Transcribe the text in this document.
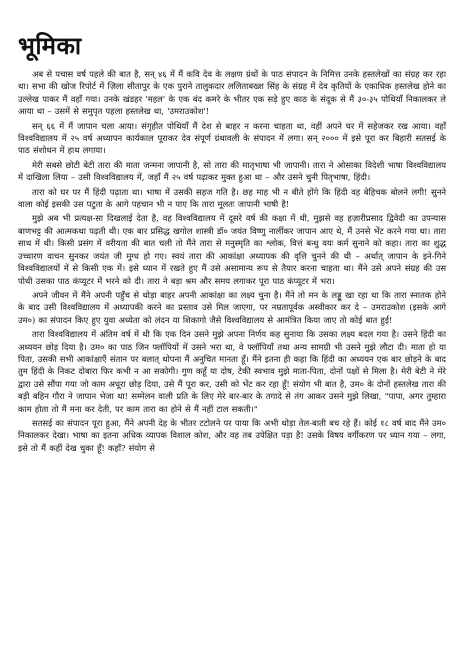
भूमिका

अब से पचास वर्ष पहले की बात है, सन् ४६ में मैं कवि देव के लक्षण ग्रंथों के पाठ संपादन के निमित्त उनके हस्तलेखों का संग्रह कर रहा था। सभा की खोज रिपोर्ट में ज़िला सीतापुर के एक पुराने तालुकदार ललिताबख्श सिंह के संग्रह में देव कृतियों के एकाधिक हस्तलेख होने का उल्लेख पाकर मैं वहाँ गया। उनके खंडहर 'महल' के एक बंद कमरे के भीतर एक सड़े हुए काठ के संदूक से मैं ३०-३५ पोथियाँ निकालकर ले आया था – उसमें से समुपृत पहला हस्तलेख था, 'उमराउकोश'!

सन् ६६ में मैं जापान चला आया। संगृहीत पोथियाँ मैं देश से बाहर न करना चाहता था, वहीं अपने घर में सहेजकर रख आया। वहाँ विश्वविद्यालय में २५ वर्ष अध्यापन कार्यकाल पूराकर देव संपूर्ण ग्रंथावली के संपादन में लगा। सन् २००० में इसे पूरा कर बिहारी सतसई के पाठ संशोधन में हाथ लगाया।

मेरी सबसे छोटी बेटी तारा की माता जन्मना जापानी है, सो तारा की मातृभाषा भी जापानी। तारा ने ओसाका विदेशी भाषा विश्वविद्यालय में दाखिला लिया – उसी विश्वविद्यालय में, जहाँ मैं २५ वर्ष पढ़ाकर मुक्त हुआ था – और उसने चुनी पितृभाषा, हिंदी।

तारा को घर पर मैं हिंदी पढ़ाता था। भाषा में उसकी सहज गति है। छह माह भी न बीते होंगे कि हिंदी वह बेहिचक बोलने लगी! सुनने वाला कोई इसकी उस पटुता के आगे पहचान भी न पाए कि तारा मूलतः जापानी भाषी है!

मुझे अब भी प्रत्यक्ष-सा दिखलाई देता है, वह विश्वविद्यालय में दूसरे वर्ष की कक्षा में थी, मुझसे वह हज़ारीप्रसाद द्विवेदी का उपन्यास बाणभट्ट की आत्मकथा पढ़ती थी। एक बार प्रसिद्ध खगोल शास्त्री डॉ० जयंत विष्णु नार्लीकर जापान आए थे, मैं उनसे भेंट करने गया था। तारा साथ में थी। किसी प्रसंग में वरीयता की बात चली तो मैंने तारा से मनुस्मृति का श्लोक, वित्तं बन्धु वयः कर्म सुनाने को कहा। तारा का शुद्ध उच्चारण वाचन सुनकर जयंत जी मुग्ध हो गए। स्वयं तारा की आकांक्षा अध्यापक की वृत्ति चुनने की थी – अर्थात् जापान के इने-गिने विश्वविद्यालयों में से किसी एक में। इसे ध्यान में रखते हुए मैं उसे असामान्य रूप से तैयार करना चाहता था। मैंने उसे अपने संग्रह की उस पोथी उसका पाठ कंप्यूटर में भरने को दी। तारा ने बड़ा श्रम और समय लगाकर पूरा पाठ कंप्यूटर में भरा।

अपने जीवन में मैंने अपनी पहुँच से थोड़ा बाहर अपनी आकांक्षा का लक्ष्य चुना है। मैंने तो मन के लड्डू खा रहा था कि तारा स्नातक होने के बाद उसी विश्वविद्यालय में अध्यापकी करने का प्रस्ताव उसे मिल जाएगा, पर नम्रतापूर्वक अस्वीकार कर दे – उमराउकोश (इसके आगे उम०) का संपादन किए हुए युवा अध्येता को लंदन या शिकागो जैसे विश्वविद्यालय से आमंत्रित किया जाए तो कोई बात हुई!

तारा विश्वविद्यालय में अंतिम वर्ष में थी कि एक दिन उसने मुझे अपना निर्णय कह सुनाया कि उसका लक्ष्य बदल गया है। उसने हिंदी का अध्ययन छोड़ दिया है। उम० का पाठ जिन फ्लॉपियों में उसने भरा था, वे फ्लॉपियाँ तथा अन्य सामग्री भी उसने मुझे लौटा दी। माता हो या पिता, उसकी सभी आकांक्षाएँ संतान पर बलात् थोपना मैं अनुचित मानता हूँ। मैंने इतना ही कहा कि हिंदी का अध्ययन एक बार छोड़ने के बाद तुम हिंदी के निकट दोबारा फिर कभी न आ सकोगी। गुण कहूँ या दोष, टेकी स्वभाव मुझे माता-पिता, दोनों पक्षों से मिला है। मेरी बेटी ने मेरे द्वारा उसे सौंपा गया जो काम अधूरा छोड़ दिया, उसे मैं पूरा कर, उसी को भेंट कर रहा हूँ! संयोग भी बात है, उम० के दोनों हस्तलेख तारा की बड़ी बहिन गौरा ने जापान भेजा था! सम्मेलन वाली प्रति के लिए मेरे बार-बार के तगादे से तंग आकर उसने मुझे लिखा, "पापा, अगर तुम्हारा काम होता तो मैं मना कर देती, पर काम तारा का होने से मैं नहीं टाल सकती।"

सतसई का संपादन पूरा हुआ, मैंने अपनी देह के भीतर टटोलने पर पाया कि अभी थोड़ा तेल-बाती बच रहे हैं। कोई १८ वर्ष बाद मैंने उम० निकालकर देखा। भाषा का इतना अधिक व्यापक विशाल कोश, और वह तब उपेक्षित पड़ा है! उसके विषय वर्गीकरण पर ध्यान गया – लगा, इसे तो मैं कहीं देख चुका हूँ! कहाँ? संयोग से
